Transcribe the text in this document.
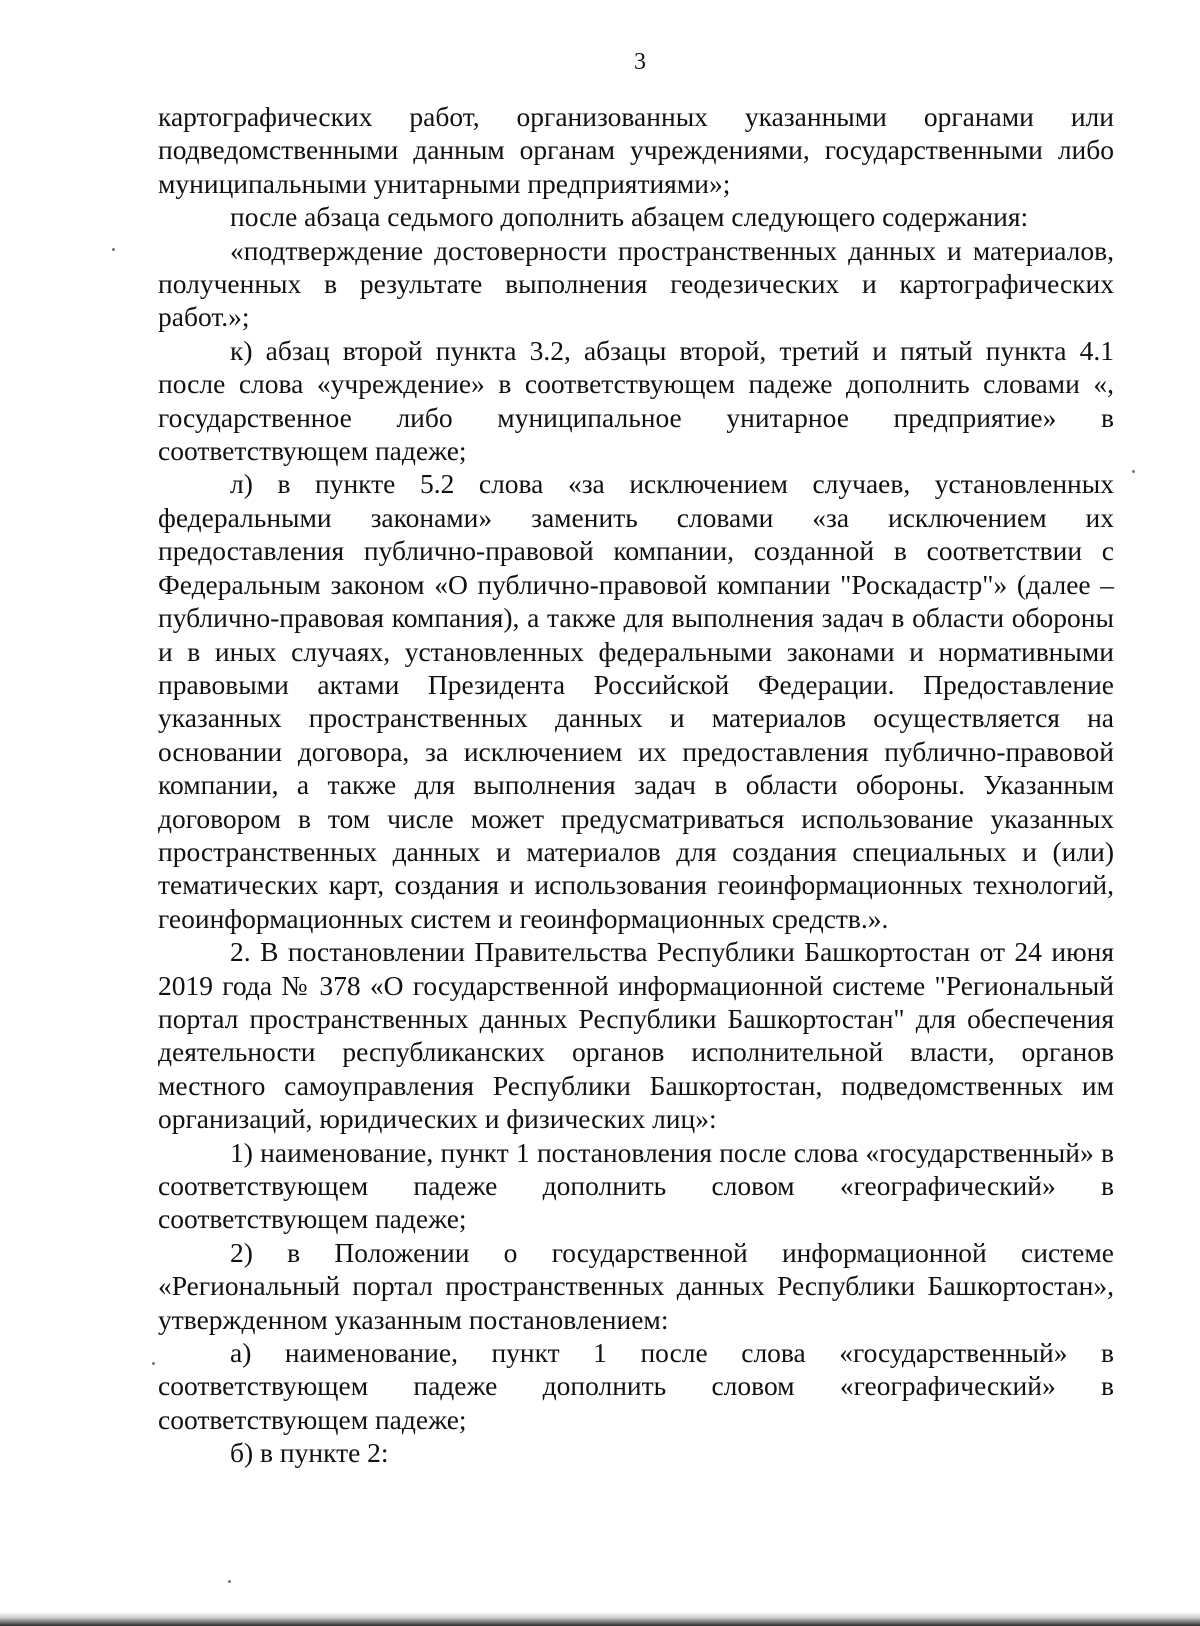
3

картографических работ, организованных указанными органами или подведомственными данным органам учреждениями, государственными либо муниципальными унитарными предприятиями»;

после абзаца седьмого дополнить абзацем следующего содержания:

«подтверждение достоверности пространственных данных и материалов, полученных в результате выполнения геодезических и картографических работ.»;

к) абзац второй пункта 3.2, абзацы второй, третий и пятый пункта 4.1 после слова «учреждение» в соответствующем падеже дополнить словами «, государственное либо муниципальное унитарное предприятие» в соответствующем падеже;

л) в пункте 5.2 слова «за исключением случаев, установленных федеральными законами» заменить словами «за исключением их предоставления публично-правовой компании, созданной в соответствии с Федеральным законом «О публично-правовой компании "Роскадастр"» (далее – публично-правовая компания), а также для выполнения задач в области обороны и в иных случаях, установленных федеральными законами и нормативными правовыми актами Президента Российской Федерации. Предоставление указанных пространственных данных и материалов осуществляется на основании договора, за исключением их предоставления публично-правовой компании, а также для выполнения задач в области обороны. Указанным договором в том числе может предусматриваться использование указанных пространственных данных и материалов для создания специальных и (или) тематических карт, создания и использования геоинформационных технологий, геоинформационных систем и геоинформационных средств.».

2. В постановлении Правительства Республики Башкортостан от 24 июня 2019 года № 378 «О государственной информационной системе "Региональный портал пространственных данных Республики Башкортостан" для обеспечения деятельности республиканских органов исполнительной власти, органов местного самоуправления Республики Башкортостан, подведомственных им организаций, юридических и физических лиц»:

1) наименование, пункт 1 постановления после слова «государственный» в соответствующем падеже дополнить словом «географический» в соответствующем падеже;

2) в Положении о государственной информационной системе «Региональный портал пространственных данных Республики Башкортостан», утвержденном указанным постановлением:

а) наименование, пункт 1 после слова «государственный» в соответствующем падеже дополнить словом «географический» в соответствующем падеже;

б) в пункте 2:
